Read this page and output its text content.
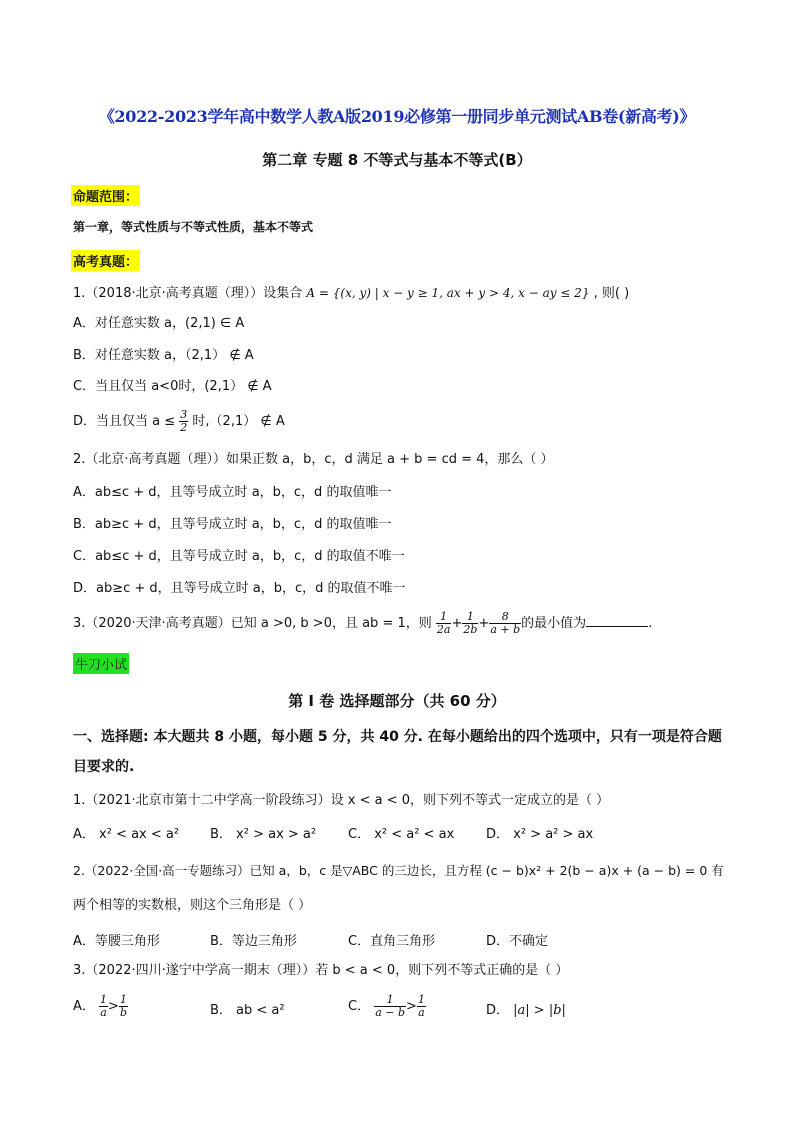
《2022-2023学年高中数学人教A版2019必修第一册同步单元测试AB卷(新高考)》
第二章 专题 8 不等式与基本不等式(B）
命题范围：
第一章，等式性质与不等式性质，基本不等式
高考真题：
1.（2018·北京·高考真题（理））设集合 A = {(x, y) | x − y ≥ 1, ax + y > 4, x − ay ≤ 2} , 则( )
A．对任意实数 a，(2,1) ∈ A
B．对任意实数 a，（2,1） ∉ A
C．当且仅当 a<0时，(2,1） ∉ A
D．当且仅当 $a \le \frac{3}{2}$ 时,（2,1） ∉ A
2.（北京·高考真题（理））如果正数 a，b，c，d 满足 a + b = cd = 4，那么（ ）
A．ab≤c + d，且等号成立时 a，b，c，d 的取值唯一
B．ab≥c + d，且等号成立时 a，b，c，d 的取值唯一
C．ab≤c + d，且等号成立时 a，b，c，d 的取值不唯一
D．ab≥c + d，且等号成立时 a，b，c，d 的取值不唯一
3.（2020·天津·高考真题）已知 a >0, b >0，且 ab = 1，则 $\frac{1}{2a} + \frac{1}{2b} + \frac{8}{a + b}$ 的最小值为	.
牛刀小试
第 I 卷 选择题部分（共 60 分）
一、选择题: 本大题共 8 小题，每小题 5 分，共 40 分. 在每小题给出的四个选项中，只有一项是符合题目要求的.
1.（2021·北京市第十二中学高一阶段练习）设 x < a < 0，则下列不等式一定成立的是（ ）
A． x² < ax < a² B． x² > ax > a² C． x² < a² < ax D． x² > a² > ax
2.（2022·全国·高一专题练习）已知 a，b，c 是▽ABC 的三边长，且方程 (c − b)x² + 2(b − a)x + (a − b) = 0 有
两个相等的实数根，则这个三角形是（ ）
A．等腰三角形	B．等边三角形	C．直角三角形	D．不确定
3.（2022·四川·遂宁中学高一期末（理））若 b < a < 0，则下列不等式正确的是（ ）
A． $\frac{1}{a} > \frac{1}{b}$	B． ab < a²	C． $\frac{1}{a - b} > \frac{1}{a}$	D． |a| > |b|
